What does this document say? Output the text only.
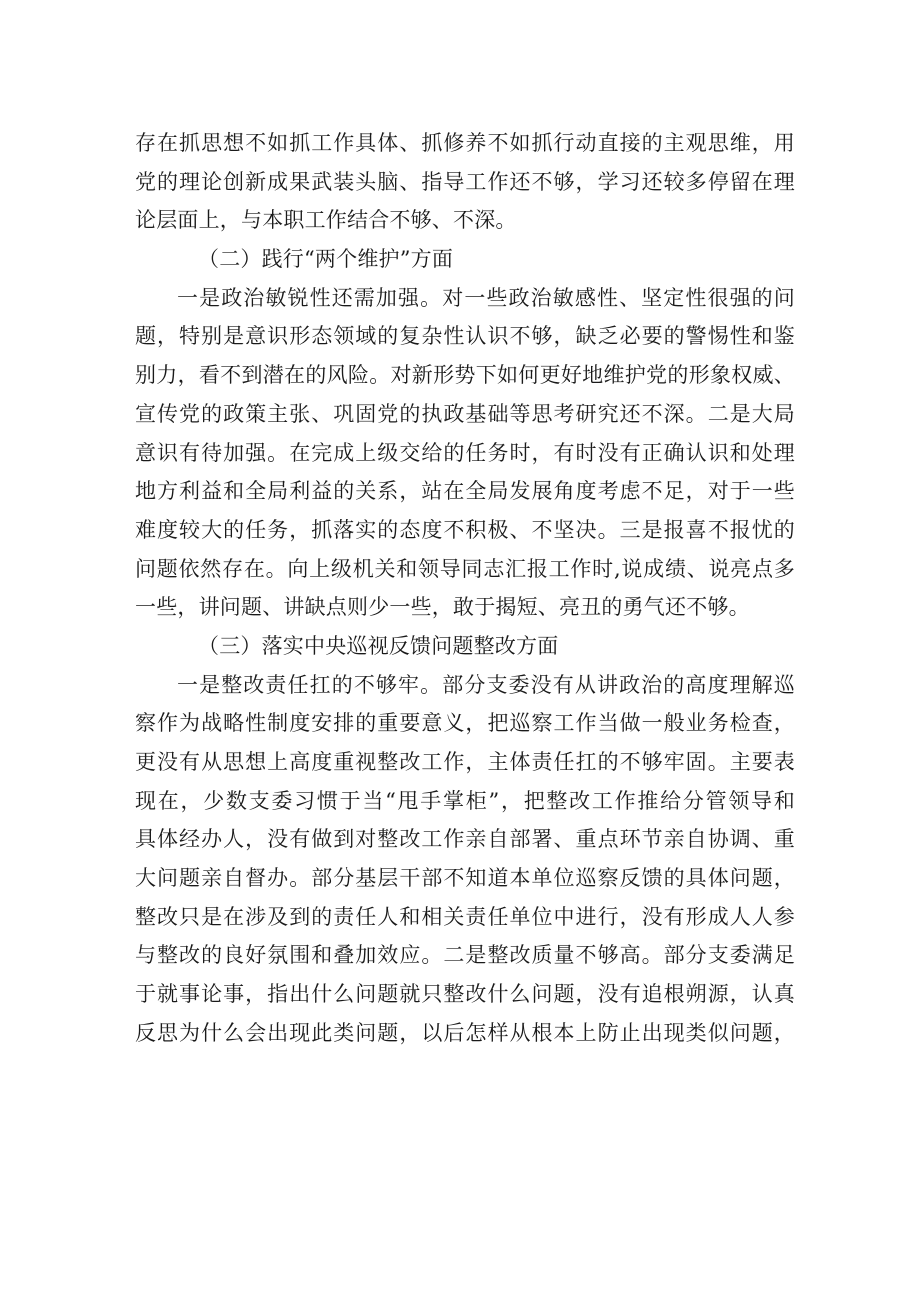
存在抓思想不如抓工作具体、抓修养不如抓行动直接的主观思维，用
党的理论创新成果武装头脑、指导工作还不够，学习还较多停留在理
论层面上，与本职工作结合不够、不深。
（二）践行“两个维护”方面
一是政治敏锐性还需加强。对一些政治敏感性、坚定性很强的问
题，特别是意识形态领域的复杂性认识不够，缺乏必要的警惕性和鉴
别力，看不到潜在的风险。对新形势下如何更好地维护党的形象权威、
宣传党的政策主张、巩固党的执政基础等思考研究还不深。二是大局
意识有待加强。在完成上级交给的任务时，有时没有正确认识和处理
地方利益和全局利益的关系，站在全局发展角度考虑不足，对于一些
难度较大的任务，抓落实的态度不积极、不坚决。三是报喜不报忧的
问题依然存在。向上级机关和领导同志汇报工作时,说成绩、说亮点多
一些，讲问题、讲缺点则少一些，敢于揭短、亮丑的勇气还不够。
（三）落实中央巡视反馈问题整改方面
一是整改责任扛的不够牢。部分支委没有从讲政治的高度理解巡
察作为战略性制度安排的重要意义，把巡察工作当做一般业务检查，
更没有从思想上高度重视整改工作，主体责任扛的不够牢固。主要表
现在，少数支委习惯于当“甩手掌柜”，把整改工作推给分管领导和
具体经办人，没有做到对整改工作亲自部署、重点环节亲自协调、重
大问题亲自督办。部分基层干部不知道本单位巡察反馈的具体问题，
整改只是在涉及到的责任人和相关责任单位中进行，没有形成人人参
与整改的良好氛围和叠加效应。二是整改质量不够高。部分支委满足
于就事论事，指出什么问题就只整改什么问题，没有追根朔源，认真
反思为什么会出现此类问题，以后怎样从根本上防止出现类似问题，
